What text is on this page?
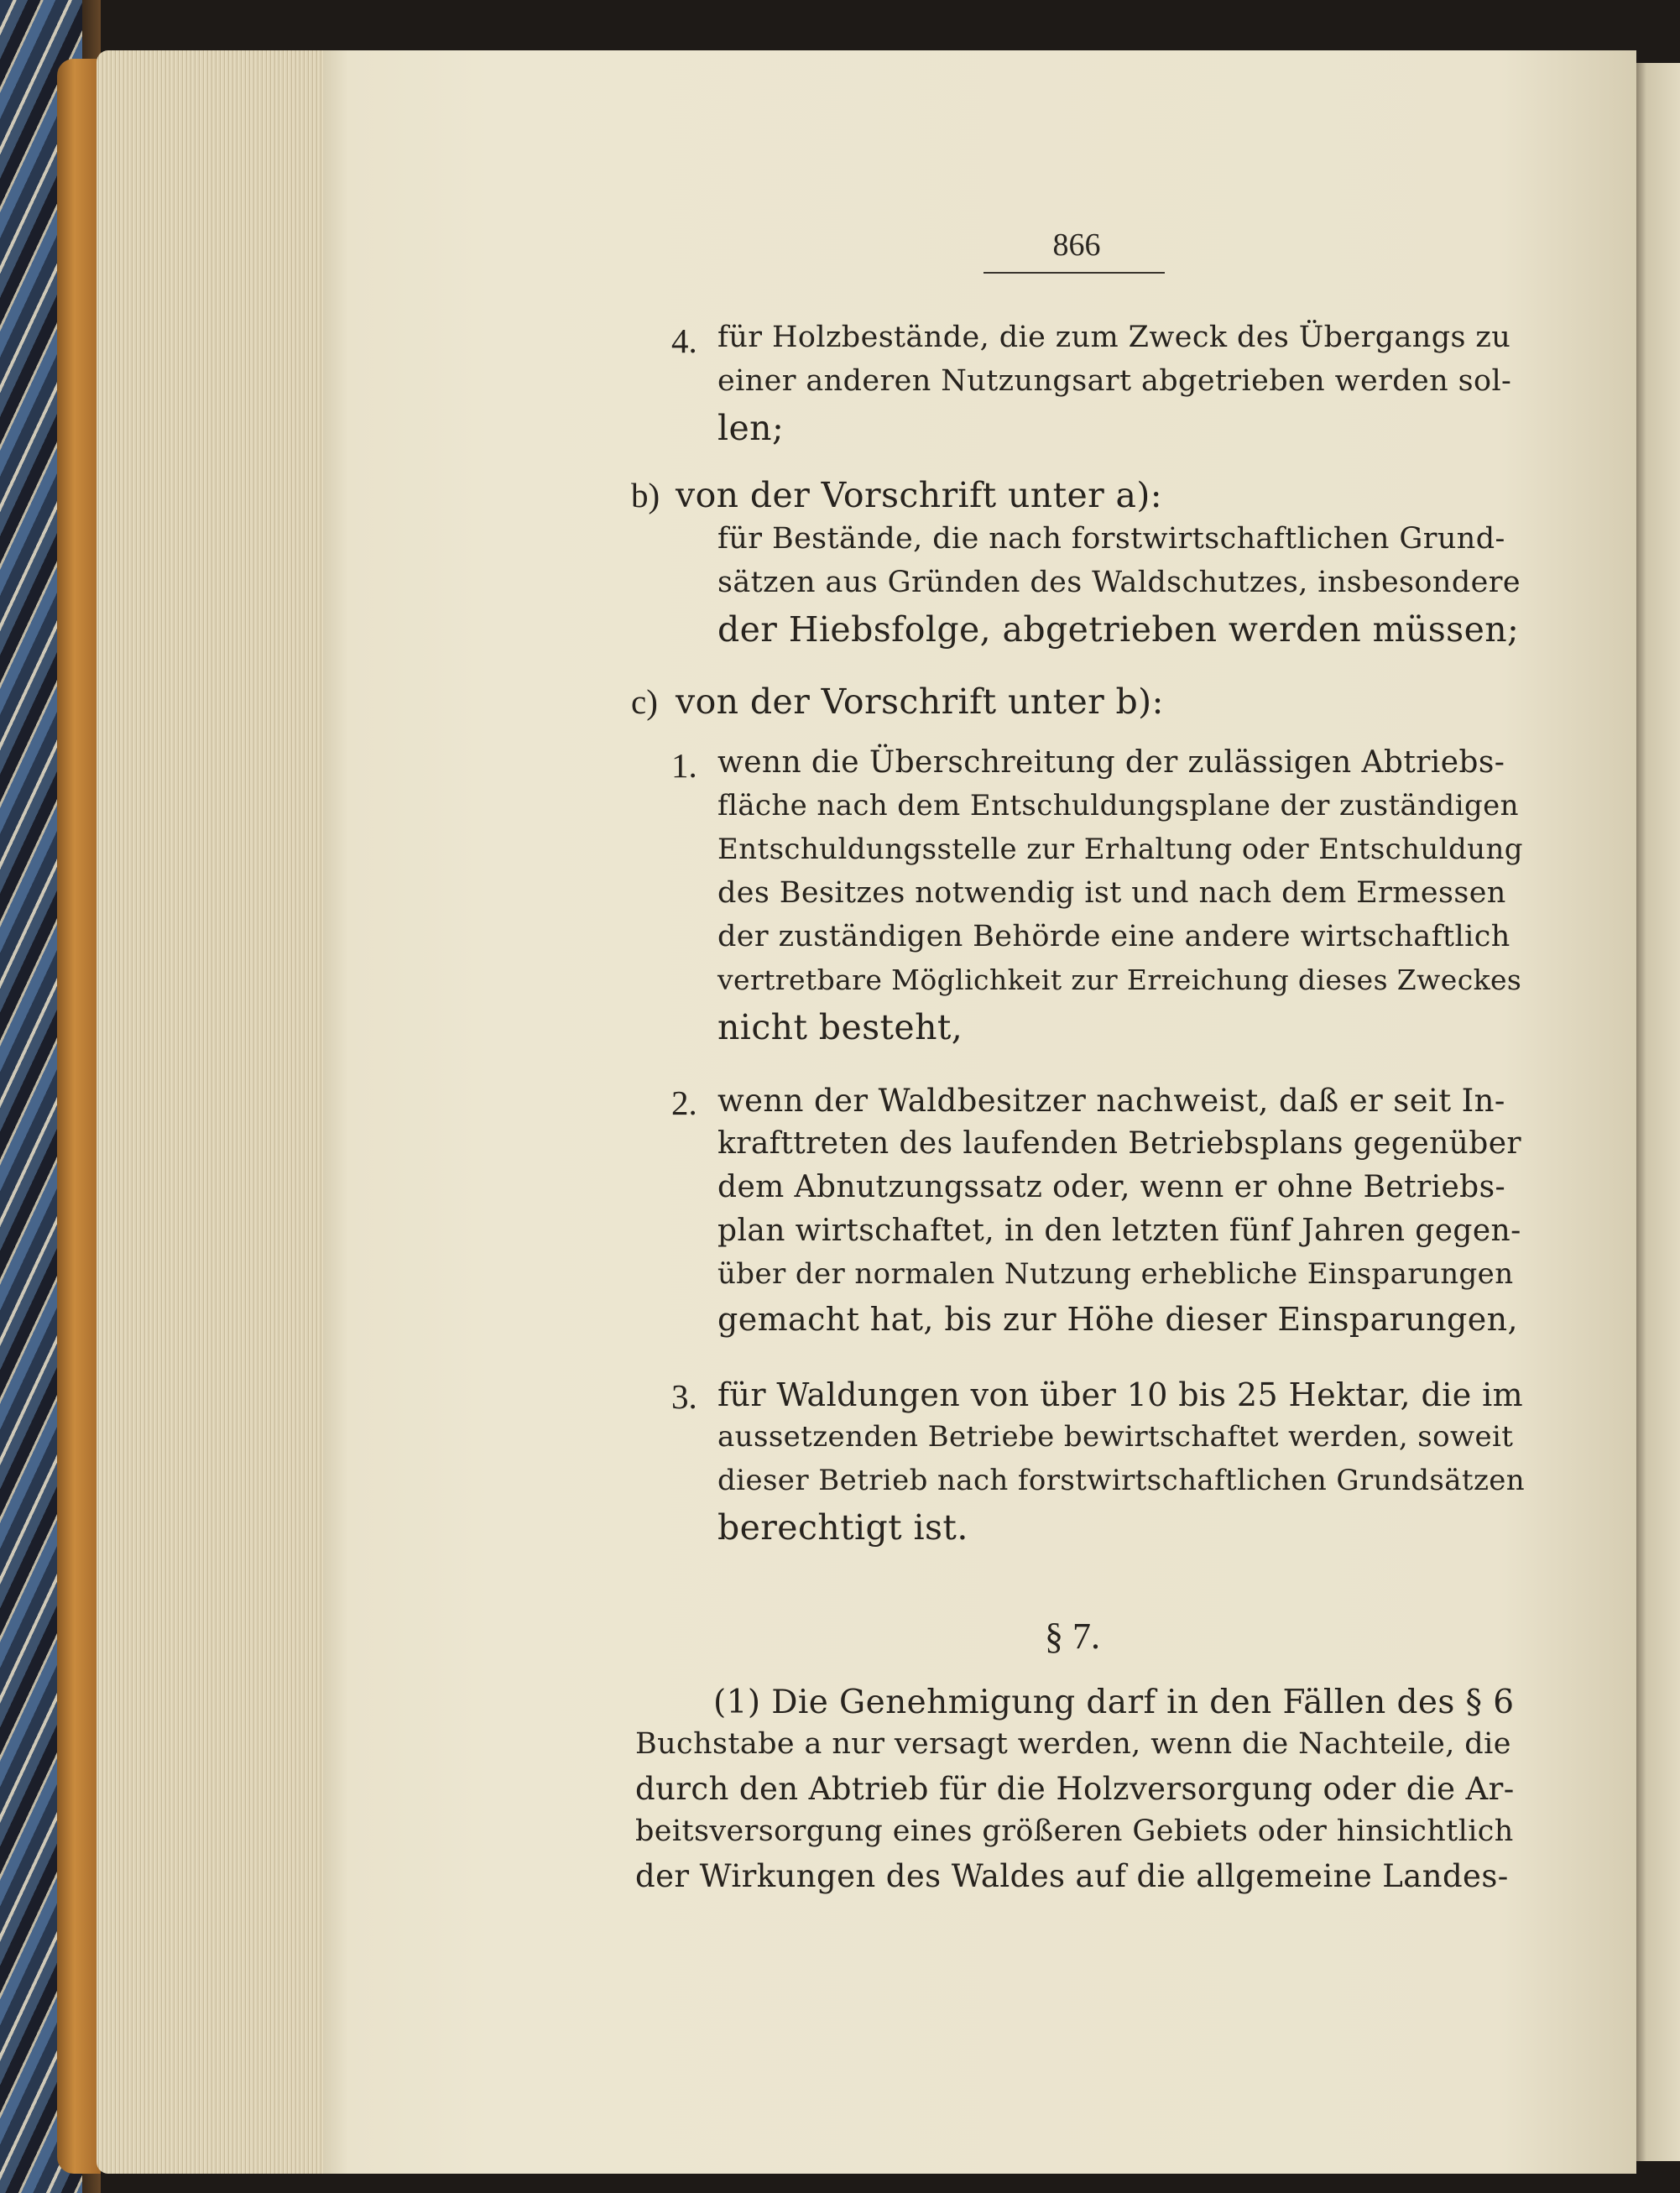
866
4. für Holzbestände, die zum Zweck des Übergangs zu
einer anderen Nutzungsart abgetrieben werden sol-
len;
b) von der Vorschrift unter a):
für Bestände, die nach forstwirtschaftlichen Grund-
sätzen aus Gründen des Waldschutzes, insbesondere
der Hiebsfolge, abgetrieben werden müssen;
c) von der Vorschrift unter b):
1. wenn die Überschreitung der zulässigen Abtriebs-
fläche nach dem Entschuldungsplane der zuständigen
Entschuldungsstelle zur Erhaltung oder Entschuldung
des Besitzes notwendig ist und nach dem Ermessen
der zuständigen Behörde eine andere wirtschaftlich
vertretbare Möglichkeit zur Erreichung dieses Zweckes
nicht besteht,
2. wenn der Waldbesitzer nachweist, daß er seit In-
krafttreten des laufenden Betriebsplans gegenüber
dem Abnutzungssatz oder, wenn er ohne Betriebs-
plan wirtschaftet, in den letzten fünf Jahren gegen-
über der normalen Nutzung erhebliche Einsparungen
gemacht hat, bis zur Höhe dieser Einsparungen,
3. für Waldungen von über 10 bis 25 Hektar, die im
aussetzenden Betriebe bewirtschaftet werden, soweit
dieser Betrieb nach forstwirtschaftlichen Grundsätzen
berechtigt ist.
§ 7.
(1) Die Genehmigung darf in den Fällen des § 6
Buchstabe a nur versagt werden, wenn die Nachteile, die
durch den Abtrieb für die Holzversorgung oder die Ar-
beitsversorgung eines größeren Gebiets oder hinsichtlich
der Wirkungen des Waldes auf die allgemeine Landes-
